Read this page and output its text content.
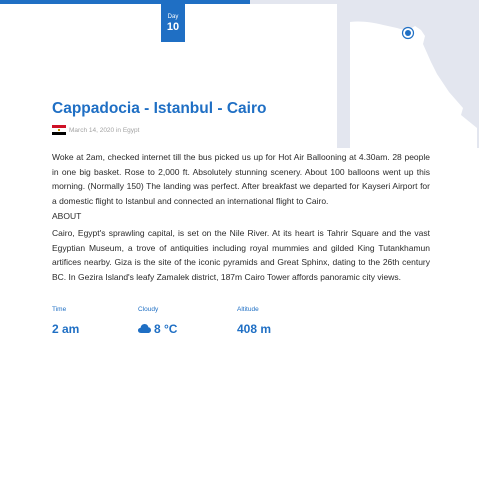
Day
10
Cappadocia - Istanbul - Cairo
March 14, 2020 in Egypt

Woke at 2am, checked internet till the bus picked us up for Hot Air Ballooning at 4.30am. 28 people in one big basket. Rose to 2,000 ft. Absolutely stunning scenery. About 100 balloons went up this morning. (Normally 150) The landing was perfect. After breakfast we departed for Kayseri Airport for a domestic flight to Istanbul and connected an international flight to Cairo.

ABOUT

Cairo, Egypt's sprawling capital, is set on the Nile River. At its heart is Tahrir Square and the vast Egyptian Museum, a trove of antiquities including royal mummies and gilded King Tutankhamun artifices nearby. Giza is the site of the iconic pyramids and Great Sphinx, dating to the 26th century BC. In Gezira Island's leafy Zamalek district, 187m Cairo Tower affords panoramic city views.

Time	Cloudy	Altitude
2 am	8 °C	408 m
